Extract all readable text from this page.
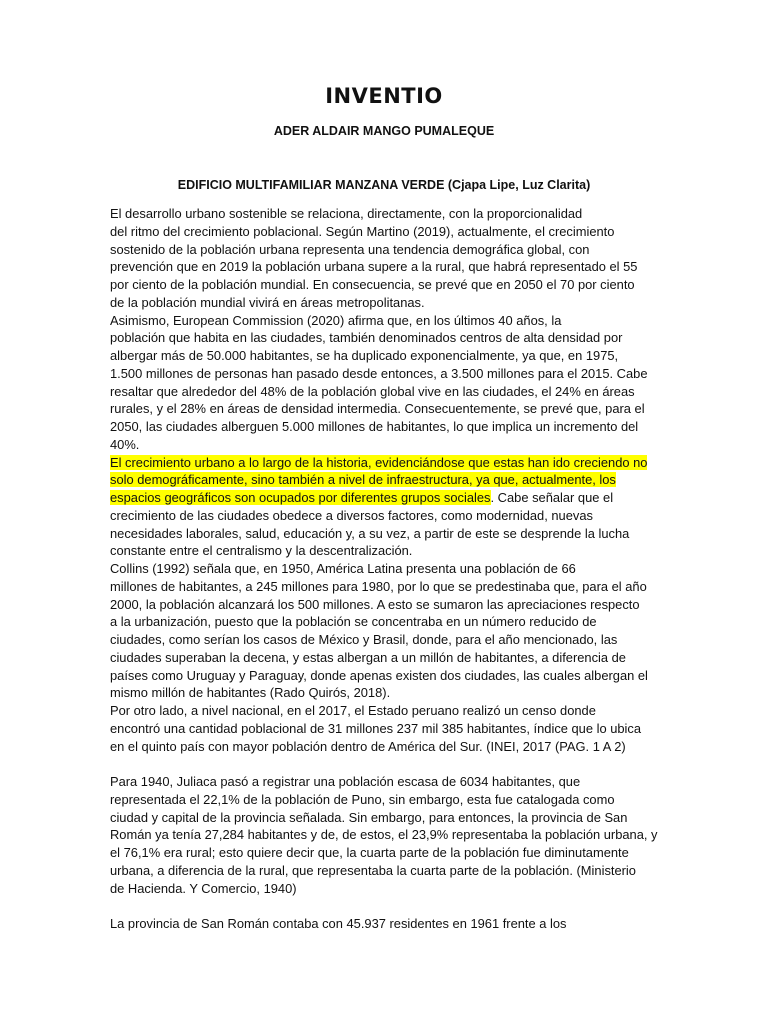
INVENTIO
ADER ALDAIR MANGO PUMALEQUE
EDIFICIO MULTIFAMILIAR MANZANA VERDE (Cjapa Lipe, Luz Clarita)

El desarrollo urbano sostenible se relaciona, directamente, con la proporcionalidad
del ritmo del crecimiento poblacional. Según Martino (2019), actualmente, el crecimiento
sostenido de la población urbana representa una tendencia demográfica global, con
prevención que en 2019 la población urbana supere a la rural, que habrá representado el 55
por ciento de la población mundial. En consecuencia, se prevé que en 2050 el 70 por ciento
de la población mundial vivirá en áreas metropolitanas.

Asimismo, European Commission (2020) afirma que, en los últimos 40 años, la
población que habita en las ciudades, también denominados centros de alta densidad por
albergar más de 50.000 habitantes, se ha duplicado exponencialmente, ya que, en 1975,
1.500 millones de personas han pasado desde entonces, a 3.500 millones para el 2015. Cabe
resaltar que alrededor del 48% de la población global vive en las ciudades, el 24% en áreas
rurales, y el 28% en áreas de densidad intermedia. Consecuentemente, se prevé que, para el
2050, las ciudades alberguen 5.000 millones de habitantes, lo que implica un incremento del
40%.

El crecimiento urbano a lo largo de la historia, evidenciándose que estas han ido creciendo no
solo demográficamente, sino también a nivel de infraestructura, ya que, actualmente, los
espacios geográficos son ocupados por diferentes grupos sociales. Cabe señalar que el
crecimiento de las ciudades obedece a diversos factores, como modernidad, nuevas
necesidades laborales, salud, educación y, a su vez, a partir de este se desprende la lucha
constante entre el centralismo y la descentralización.

Collins (1992) señala que, en 1950, América Latina presenta una población de 66
millones de habitantes, a 245 millones para 1980, por lo que se predestinaba que, para el año
2000, la población alcanzará los 500 millones. A esto se sumaron las apreciaciones respecto
a la urbanización, puesto que la población se concentraba en un número reducido de
ciudades, como serían los casos de México y Brasil, donde, para el año mencionado, las
ciudades superaban la decena, y estas albergan a un millón de habitantes, a diferencia de
países como Uruguay y Paraguay, donde apenas existen dos ciudades, las cuales albergan el
mismo millón de habitantes (Rado Quirós, 2018).

Por otro lado, a nivel nacional, en el 2017, el Estado peruano realizó un censo donde
encontró una cantidad poblacional de 31 millones 237 mil 385 habitantes, índice que lo ubica
en el quinto país con mayor población dentro de América del Sur. (INEI, 2017 (PAG. 1 A 2)

Para 1940, Juliaca pasó a registrar una población escasa de 6034 habitantes, que
representada el 22,1% de la población de Puno, sin embargo, esta fue catalogada como
ciudad y capital de la provincia señalada. Sin embargo, para entonces, la provincia de San
Román ya tenía 27,284 habitantes y de, de estos, el 23,9% representaba la población urbana, y
el 76,1% era rural; esto quiere decir que, la cuarta parte de la población fue diminutamente
urbana, a diferencia de la rural, que representaba la cuarta parte de la población. (Ministerio
de Hacienda. Y Comercio, 1940)

La provincia de San Román contaba con 45.937 residentes en 1961 frente a los
